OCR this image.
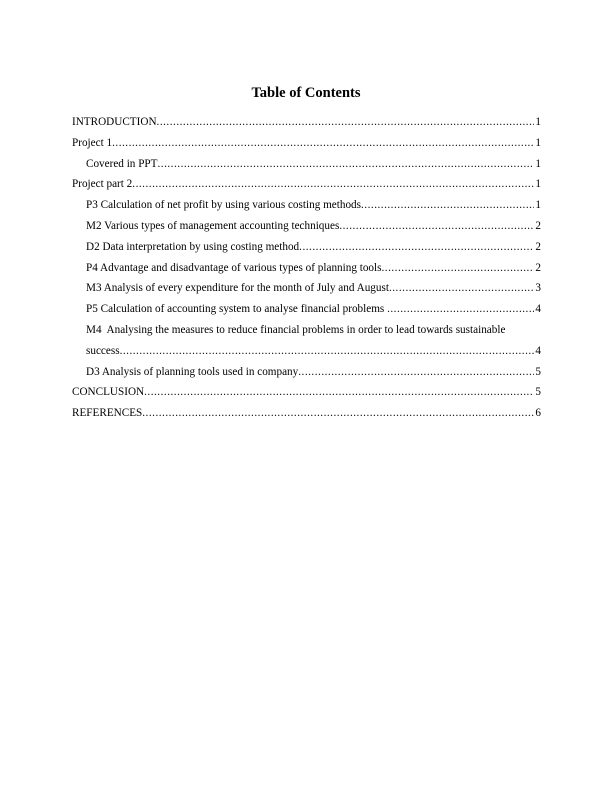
Table of Contents
INTRODUCTION .....	1
Project 1 .....	1
Covered in PPT .....	1
Project part 2 .....	1
P3 Calculation of net profit by using various costing methods .....	1
M2 Various types of management accounting techniques .....	2
D2 Data interpretation by using costing method .....	2
P4 Advantage and disadvantage of various types of planning tools .....	2
M3 Analysis of every expenditure for the month of July and August .....	3
P5 Calculation of accounting system to analyse financial problems .....	4
M4  Analysing the measures to reduce financial problems in order to lead towards sustainable
success .....	4
D3 Analysis of planning tools used in company .....	5
CONCLUSION .....	5
REFERENCES .....	6
